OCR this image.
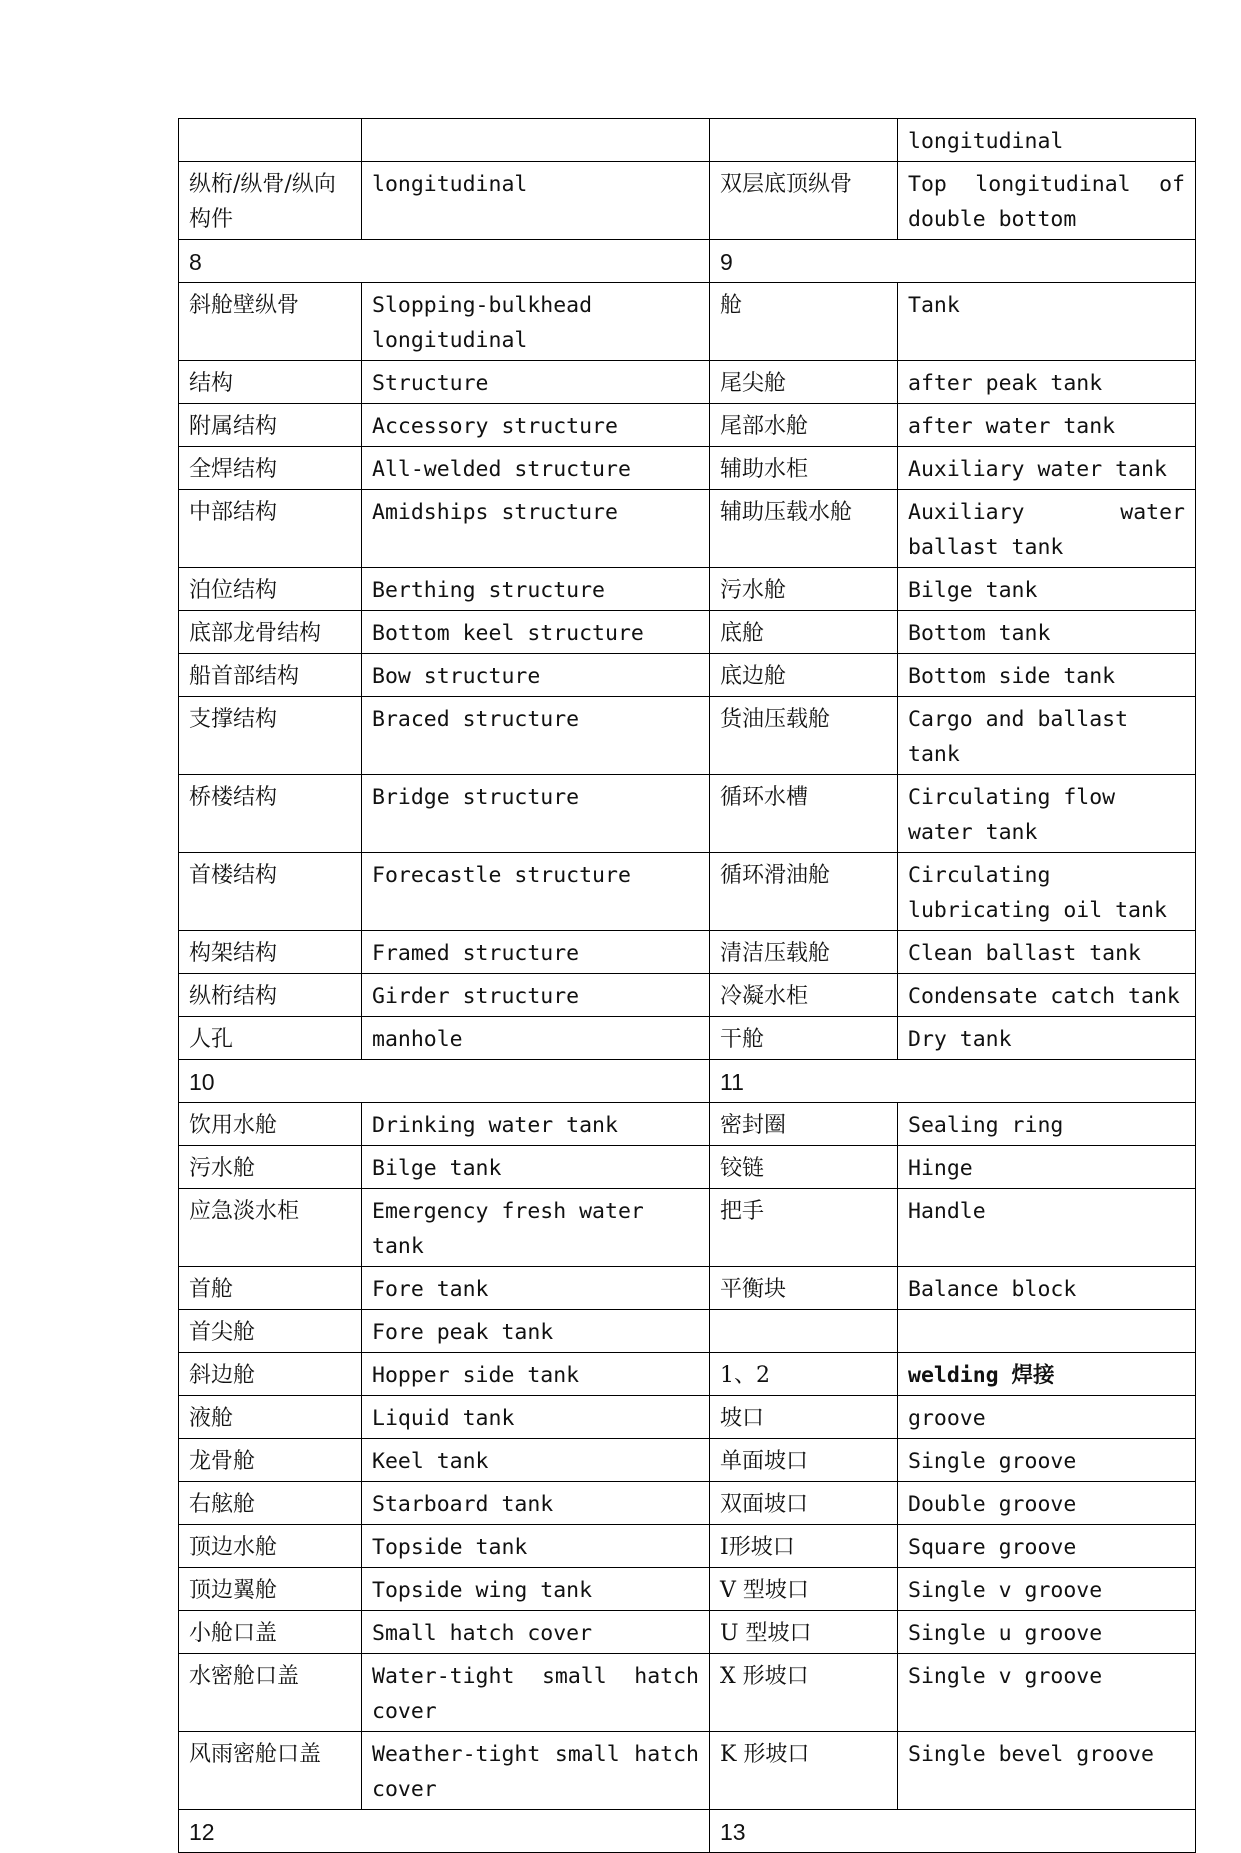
			longitudinal
纵桁/纵骨/纵向构件	longitudinal	双层底顶纵骨	Top longitudinal of double bottom
8		9	
斜舱壁纵骨	Slopping-bulkhead longitudinal	舱	Tank
结构	Structure	尾尖舱	after peak tank
附属结构	Accessory structure	尾部水舱	after water tank
全焊结构	All-welded structure	辅助水柜	Auxiliary water tank
中部结构	Amidships structure	辅助压载水舱	Auxiliary water ballast tank
泊位结构	Berthing structure	污水舱	Bilge tank
底部龙骨结构	Bottom keel structure	底舱	Bottom tank
船首部结构	Bow structure	底边舱	Bottom side tank
支撑结构	Braced structure	货油压载舱	Cargo and ballast tank
桥楼结构	Bridge structure	循环水槽	Circulating flow water tank
首楼结构	Forecastle structure	循环滑油舱	Circulating lubricating oil tank
构架结构	Framed structure	清洁压载舱	Clean ballast tank
纵桁结构	Girder structure	冷凝水柜	Condensate catch tank
人孔	manhole	干舱	Dry tank
10		11	
饮用水舱	Drinking water tank	密封圈	Sealing ring
污水舱	Bilge tank	铰链	Hinge
应急淡水柜	Emergency fresh water tank	把手	Handle
首舱	Fore tank	平衡块	Balance block
首尖舱	Fore peak tank		
斜边舱	Hopper side tank	1、2	welding 焊接
液舱	Liquid tank	坡口	groove
龙骨舱	Keel tank	单面坡口	Single groove
右舷舱	Starboard tank	双面坡口	Double groove
顶边水舱	Topside tank	Ⅰ形坡口	Square groove
顶边翼舱	Topside wing tank	V 型坡口	Single v groove
小舱口盖	Small hatch cover	U 型坡口	Single u groove
水密舱口盖	Water-tight small hatch cover	X 形坡口	Single v groove
风雨密舱口盖	Weather-tight small hatch cover	K 形坡口	Single bevel groove
12		13	
